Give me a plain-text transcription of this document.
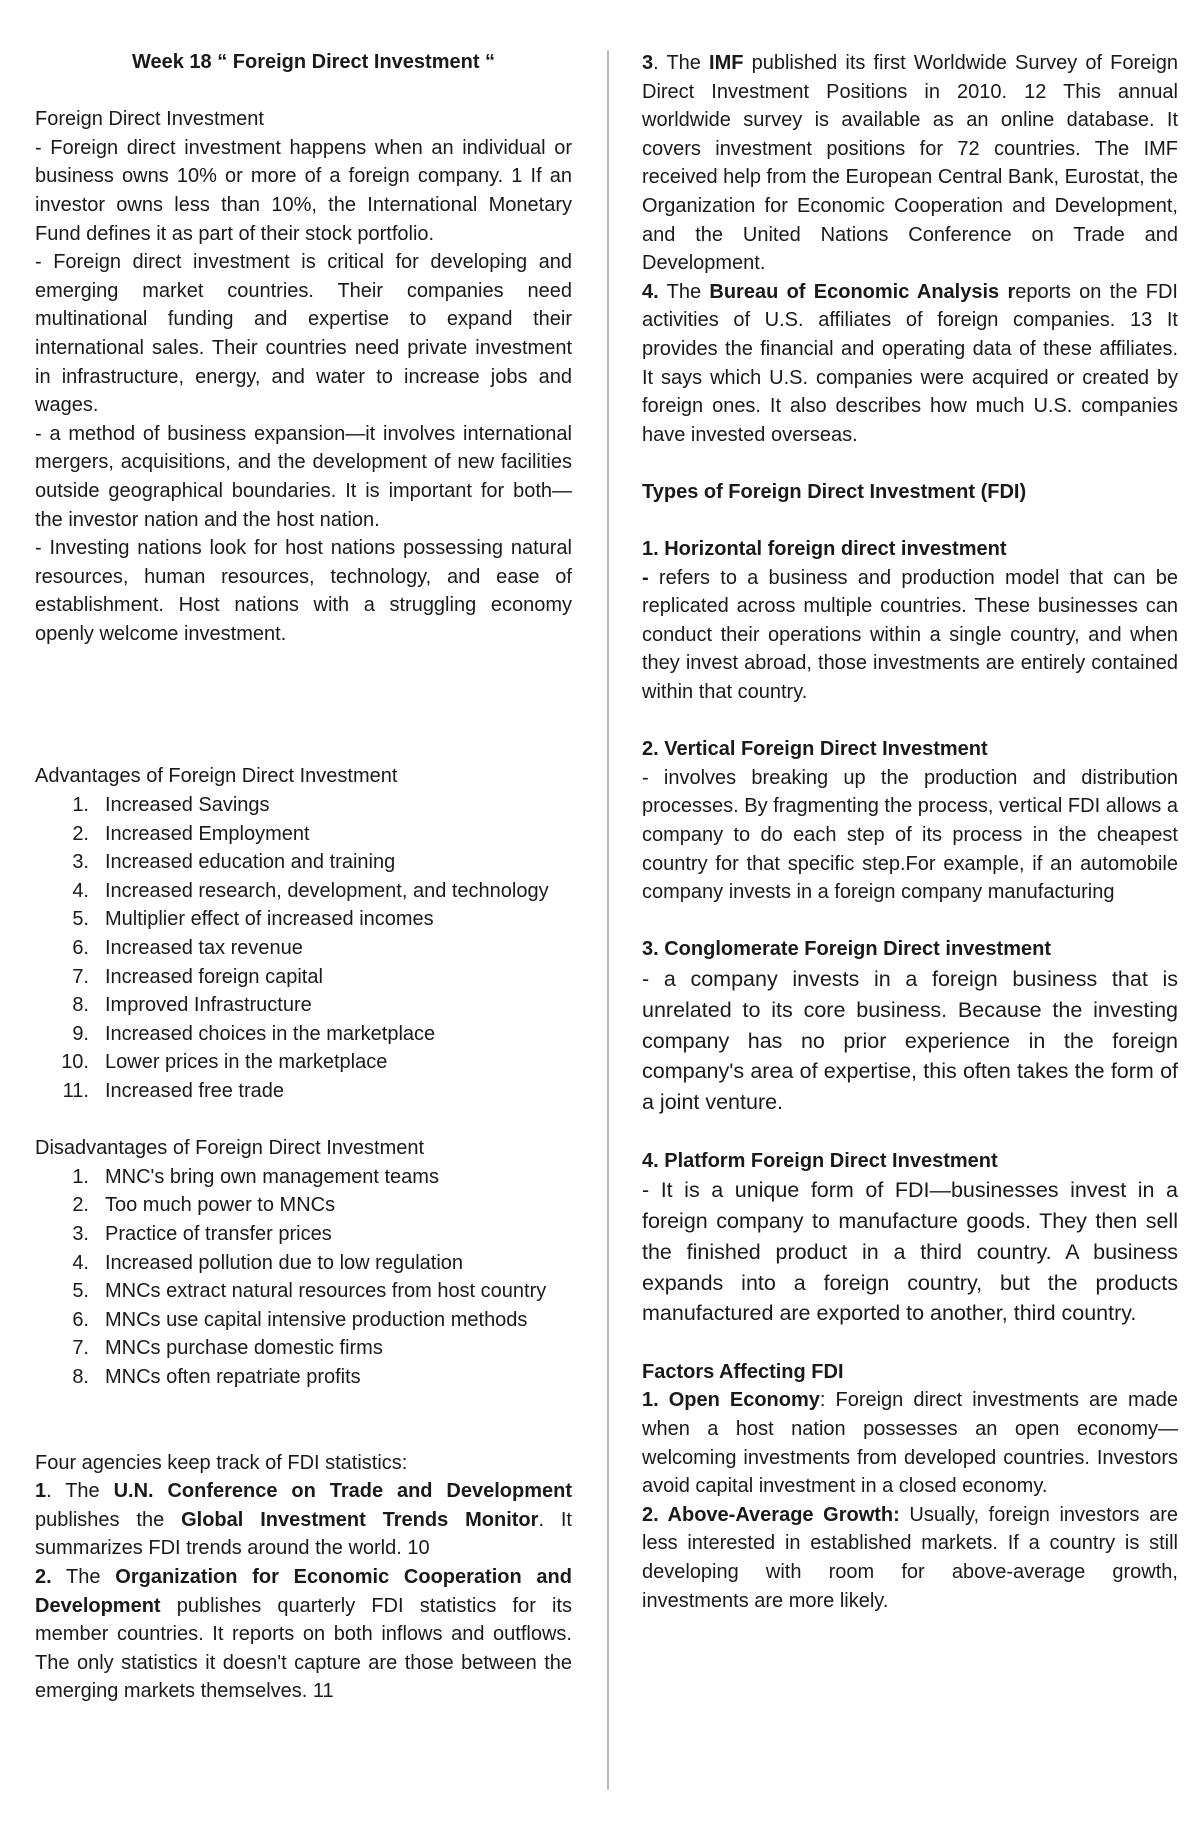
Week 18 “ Foreign Direct Investment “

Foreign Direct Investment

- Foreign direct investment happens when an individual or business owns 10% or more of a foreign company. 1 If an investor owns less than 10%, the International Monetary Fund defines it as part of their stock portfolio.

- Foreign direct investment is critical for developing and emerging market countries. Their companies need multinational funding and expertise to expand their international sales. Their countries need private investment in infrastructure, energy, and water to increase jobs and wages.

- a method of business expansion—it involves international mergers, acquisitions, and the development of new facilities outside geographical boundaries. It is important for both—the investor nation and the host nation.

- Investing nations look for host nations possessing natural resources, human resources, technology, and ease of establishment. Host nations with a struggling economy openly welcome investment.

Advantages of Foreign Direct Investment

1. Increased Savings
2. Increased Employment
3. Increased education and training
4. Increased research, development, and technology
5. Multiplier effect of increased incomes
6. Increased tax revenue
7. Increased foreign capital
8. Improved Infrastructure
9. Increased choices in the marketplace
10. Lower prices in the marketplace
11. Increased free trade

Disadvantages of Foreign Direct Investment

1. MNC's bring own management teams
2. Too much power to MNCs
3. Practice of transfer prices
4. Increased pollution due to low regulation
5. MNCs extract natural resources from host country
6. MNCs use capital intensive production methods
7. MNCs purchase domestic firms
8. MNCs often repatriate profits

Four agencies keep track of FDI statistics:

1. The U.N. Conference on Trade and Development publishes the Global Investment Trends Monitor. It summarizes FDI trends around the world. 10

2. The Organization for Economic Cooperation and Development publishes quarterly FDI statistics for its member countries. It reports on both inflows and outflows. The only statistics it doesn't capture are those between the emerging markets themselves. 11

3. The IMF published its first Worldwide Survey of Foreign Direct Investment Positions in 2010. 12 This annual worldwide survey is available as an online database. It covers investment positions for 72 countries. The IMF received help from the European Central Bank, Eurostat, the Organization for Economic Cooperation and Development, and the United Nations Conference on Trade and Development.

4. The Bureau of Economic Analysis reports on the FDI activities of U.S. affiliates of foreign companies. 13 It provides the financial and operating data of these affiliates. It says which U.S. companies were acquired or created by foreign ones. It also describes how much U.S. companies have invested overseas.

Types of Foreign Direct Investment (FDI)

1. Horizontal foreign direct investment

- refers to a business and production model that can be replicated across multiple countries. These businesses can conduct their operations within a single country, and when they invest abroad, those investments are entirely contained within that country.

2. Vertical Foreign Direct Investment

- involves breaking up the production and distribution processes. By fragmenting the process, vertical FDI allows a company to do each step of its process in the cheapest country for that specific step.For example, if an automobile company invests in a foreign company manufacturing

3. Conglomerate Foreign Direct investment

- a company invests in a foreign business that is unrelated to its core business. Because the investing company has no prior experience in the foreign company's area of expertise, this often takes the form of a joint venture.

4. Platform Foreign Direct Investment

- It is a unique form of FDI—businesses invest in a foreign company to manufacture goods. They then sell the finished product in a third country. A business expands into a foreign country, but the products manufactured are exported to another, third country.

Factors Affecting FDI

1. Open Economy: Foreign direct investments are made when a host nation possesses an open economy—welcoming investments from developed countries. Investors avoid capital investment in a closed economy.

2. Above-Average Growth: Usually, foreign investors are less interested in established markets. If a country is still developing with room for above-average growth, investments are more likely.
